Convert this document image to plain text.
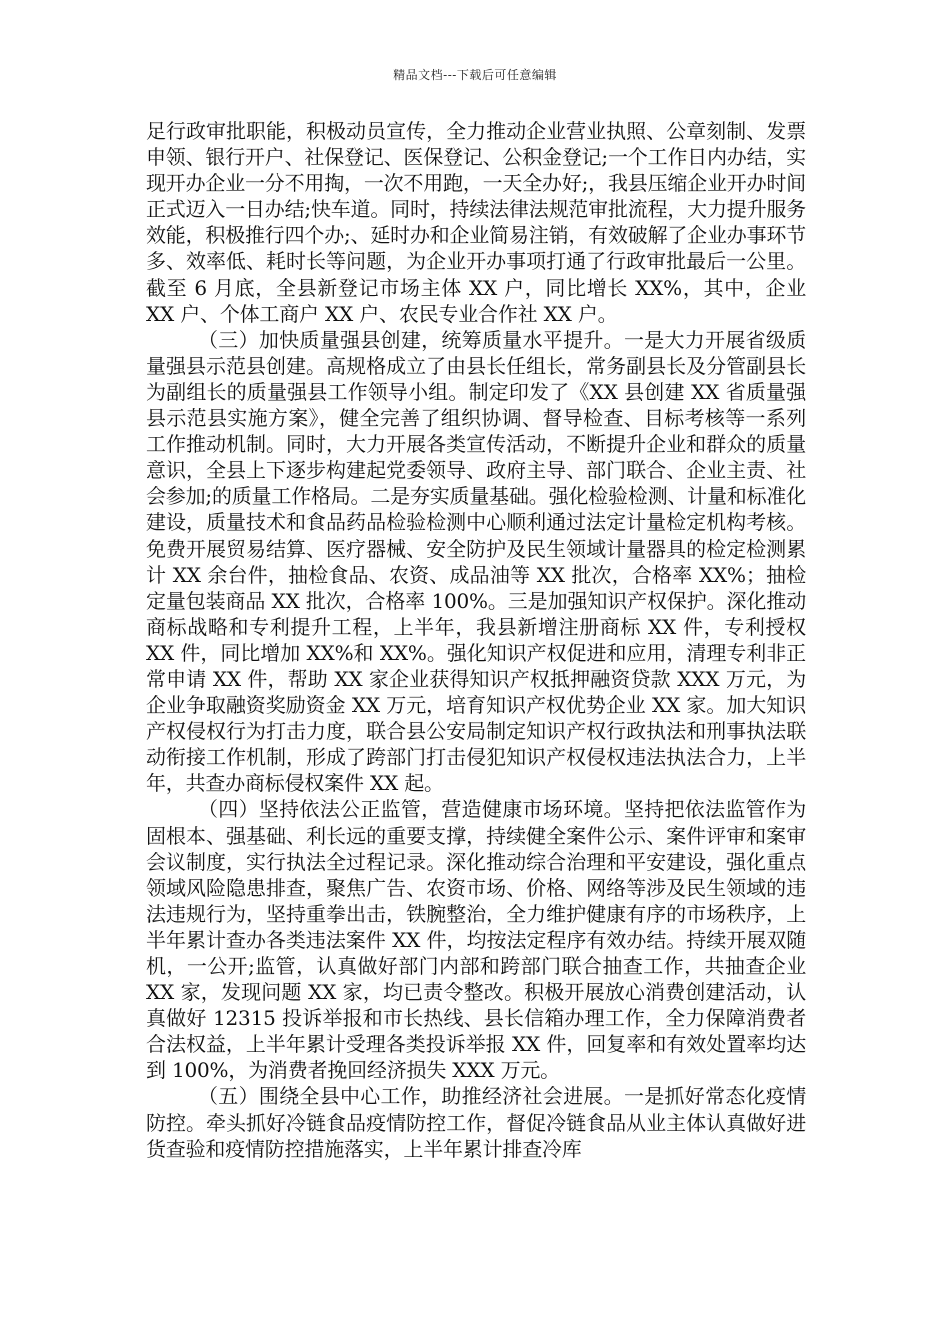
精品文档---下载后可任意编辑

足行政审批职能，积极动员宣传，全力推动企业营业执照、公章刻制、发票申领、银行开户、社保登记、医保登记、公积金登记;一个工作日内办结，实现开办企业一分不用掏，一次不用跑，一天全办好;，我县压缩企业开办时间正式迈入一日办结;快车道。同时，持续法律法规范审批流程，大力提升服务效能，积极推行四个办;、延时办和企业简易注销，有效破解了企业办事环节多、效率低、耗时长等问题，为企业开办事项打通了行政审批最后一公里。截至 6 月底，全县新登记市场主体 XX 户，同比增长 XX%，其中，企业 XX 户、个体工商户 XX 户、农民专业合作社 XX 户。

（三）加快质量强县创建，统筹质量水平提升。一是大力开展省级质量强县示范县创建。高规格成立了由县长任组长，常务副县长及分管副县长为副组长的质量强县工作领导小组。制定印发了《XX 县创建 XX 省质量强县示范县实施方案》，健全完善了组织协调、督导检查、目标考核等一系列工作推动机制。同时，大力开展各类宣传活动，不断提升企业和群众的质量意识，全县上下逐步构建起党委领导、政府主导、部门联合、企业主责、社会参加;的质量工作格局。二是夯实质量基础。强化检验检测、计量和标准化建设，质量技术和食品药品检验检测中心顺利通过法定计量检定机构考核。免费开展贸易结算、医疗器械、安全防护及民生领域计量器具的检定检测累计 XX 余台件，抽检食品、农资、成品油等 XX 批次，合格率 XX%；抽检定量包装商品 XX 批次，合格率 100%。三是加强知识产权保护。深化推动商标战略和专利提升工程，上半年，我县新增注册商标 XX 件，专利授权 XX 件，同比增加 XX%和 XX%。强化知识产权促进和应用，清理专利非正常申请 XX 件，帮助 XX 家企业获得知识产权抵押融资贷款 XXX 万元，为企业争取融资奖励资金 XX 万元，培育知识产权优势企业 XX 家。加大知识产权侵权行为打击力度，联合县公安局制定知识产权行政执法和刑事执法联动衔接工作机制，形成了跨部门打击侵犯知识产权侵权违法执法合力，上半年，共查办商标侵权案件 XX 起。

（四）坚持依法公正监管，营造健康市场环境。坚持把依法监管作为固根本、强基础、利长远的重要支撑，持续健全案件公示、案件评审和案审会议制度，实行执法全过程记录。深化推动综合治理和平安建设，强化重点领域风险隐患排查，聚焦广告、农资市场、价格、网络等涉及民生领域的违法违规行为，坚持重拳出击，铁腕整治，全力维护健康有序的市场秩序，上半年累计查办各类违法案件 XX 件，均按法定程序有效办结。持续开展双随机，一公开;监管，认真做好部门内部和跨部门联合抽查工作，共抽查企业 XX 家，发现问题 XX 家，均已责令整改。积极开展放心消费创建活动，认真做好 12315 投诉举报和市长热线、县长信箱办理工作，全力保障消费者合法权益，上半年累计受理各类投诉举报 XX 件，回复率和有效处置率均达到 100%，为消费者挽回经济损失 XXX 万元。

（五）围绕全县中心工作，助推经济社会进展。一是抓好常态化疫情防控。牵头抓好冷链食品疫情防控工作，督促冷链食品从业主体认真做好进货查验和疫情防控措施落实，上半年累计排查冷库
